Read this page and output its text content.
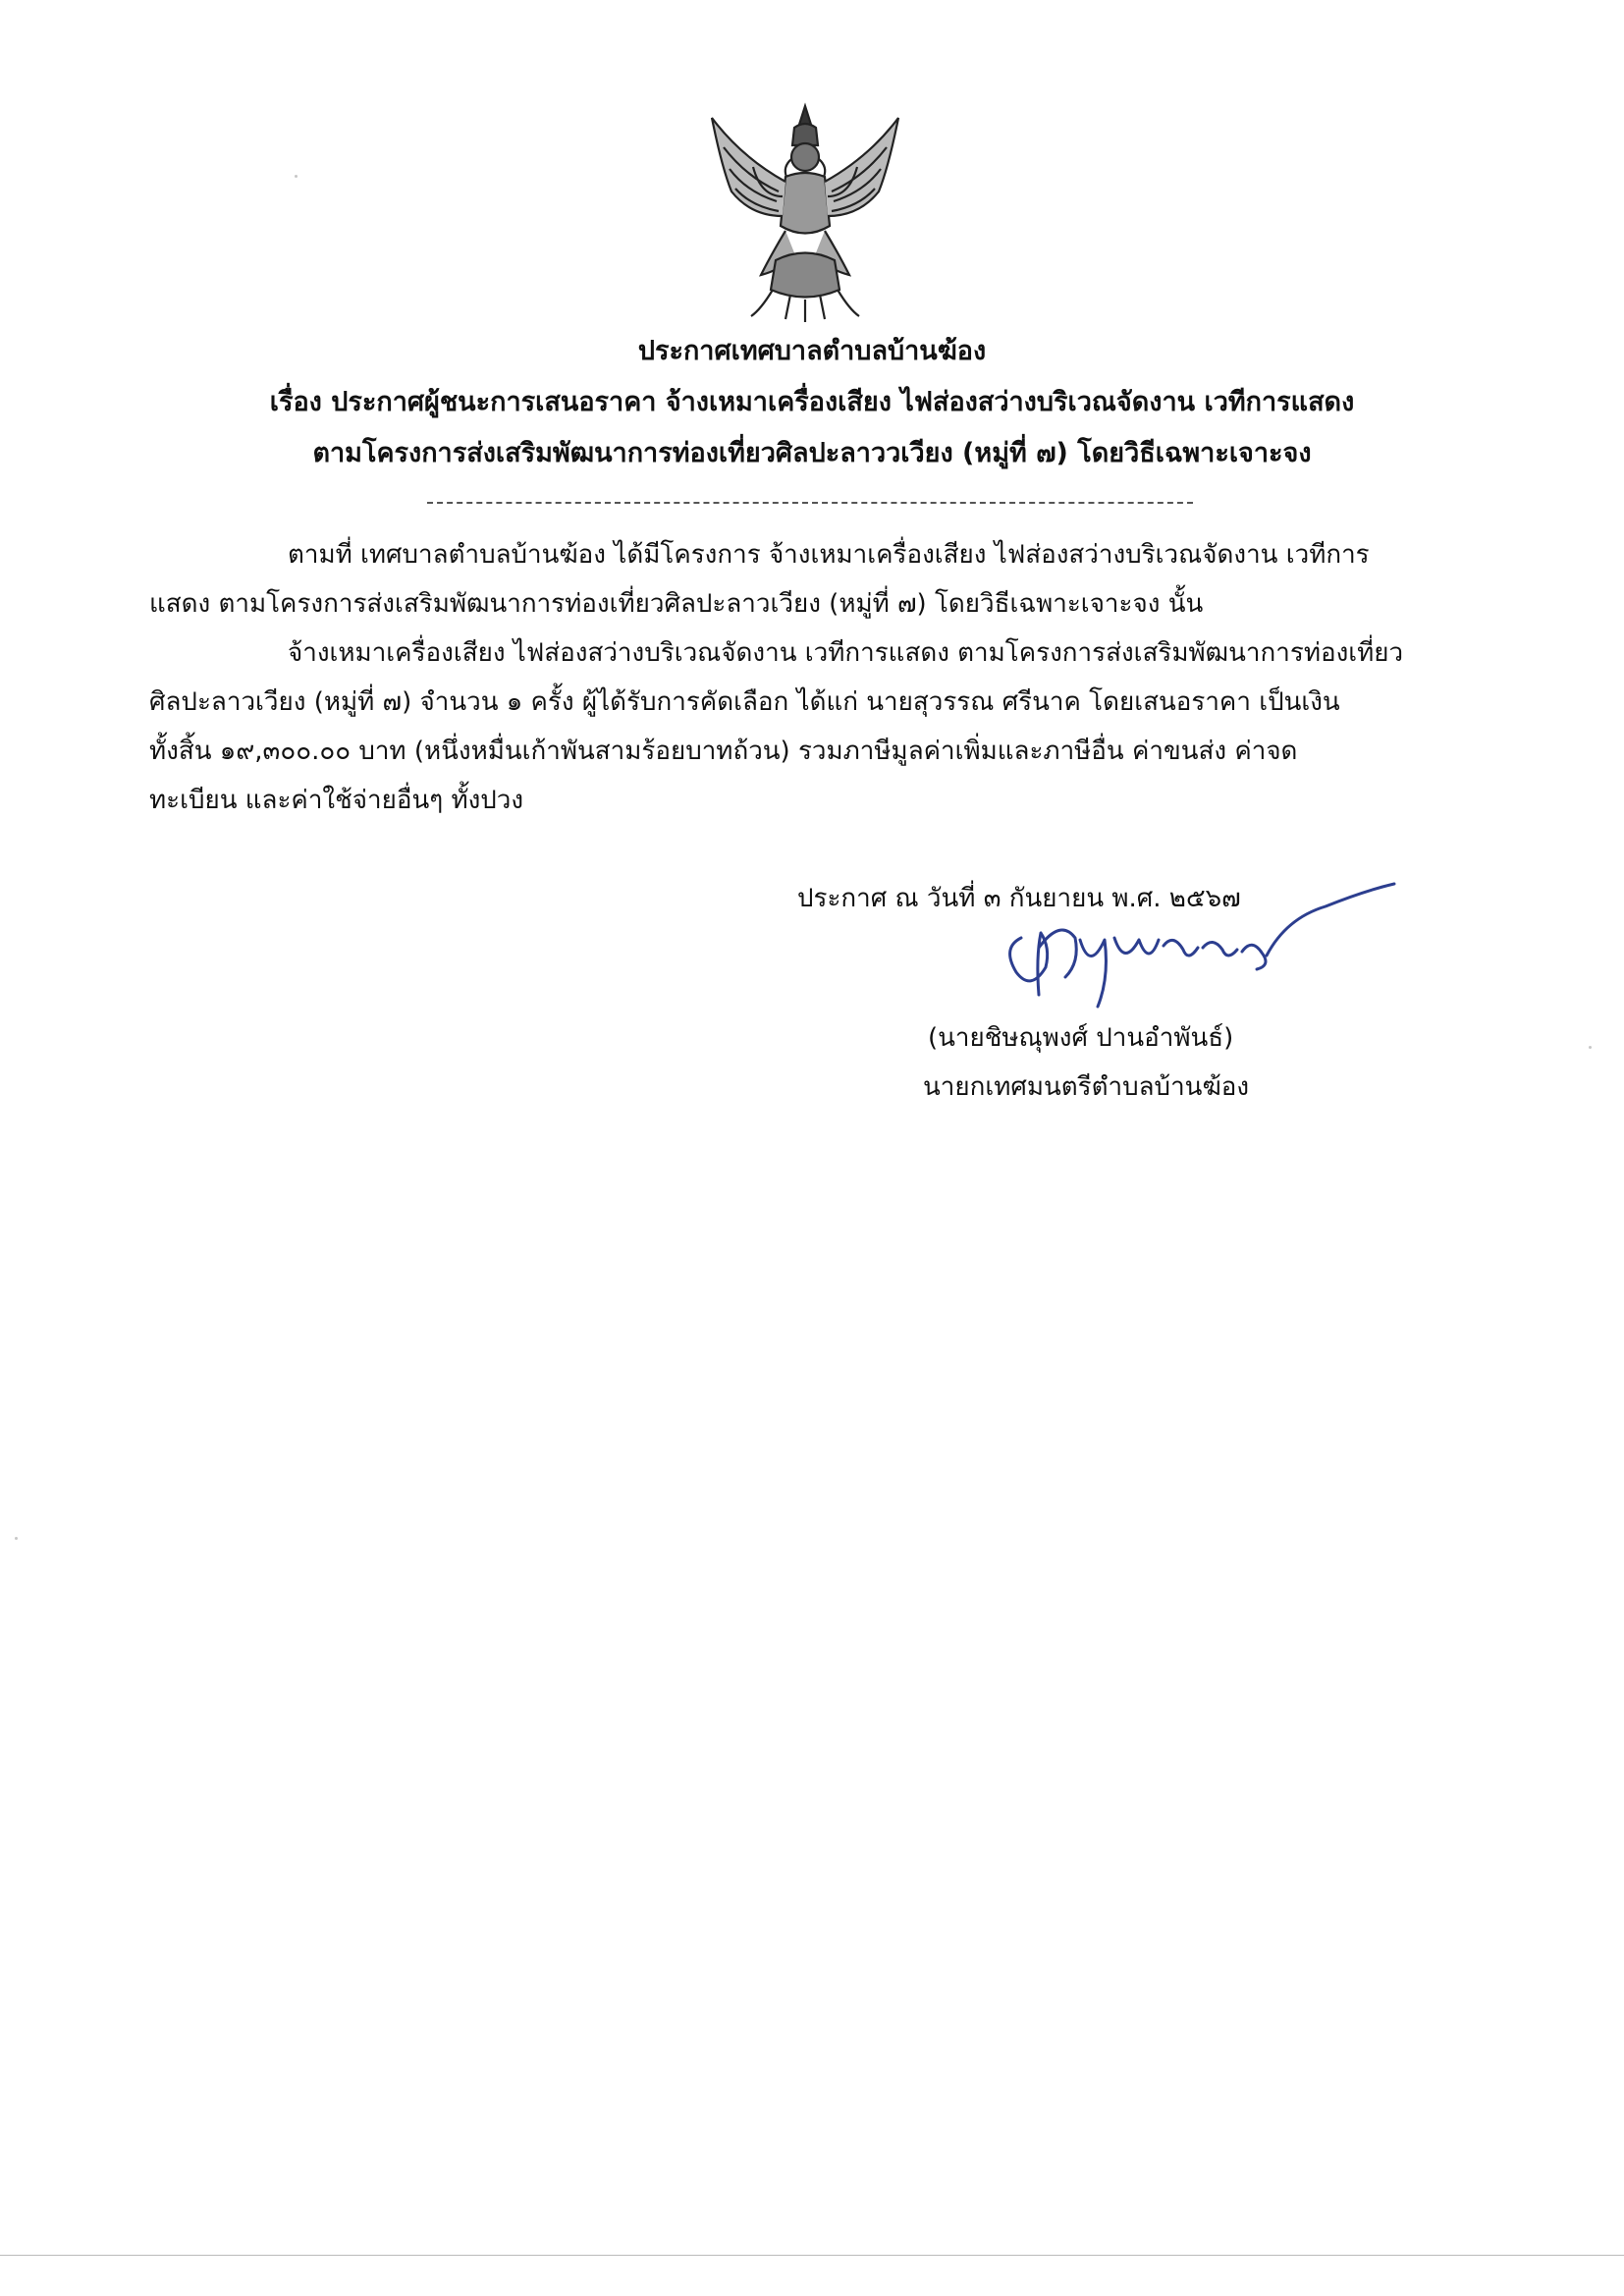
ประกาศเทศบาลตำบลบ้านฆ้อง
เรื่อง ประกาศผู้ชนะการเสนอราคา จ้างเหมาเครื่องเสียง ไฟส่องสว่างบริเวณจัดงาน เวทีการแสดง
ตามโครงการส่งเสริมพัฒนาการท่องเที่ยวศิลปะลาววเวียง (หมู่ที่ ๗) โดยวิธีเฉพาะเจาะจง
ตามที่ เทศบาลตำบลบ้านฆ้อง ได้มีโครงการ จ้างเหมาเครื่องเสียง ไฟส่องสว่างบริเวณจัดงาน เวทีการ
แสดง ตามโครงการส่งเสริมพัฒนาการท่องเที่ยวศิลปะลาวเวียง (หมู่ที่ ๗) โดยวิธีเฉพาะเจาะจง นั้น
จ้างเหมาเครื่องเสียง ไฟส่องสว่างบริเวณจัดงาน เวทีการแสดง ตามโครงการส่งเสริมพัฒนาการท่องเที่ยว
ศิลปะลาวเวียง (หมู่ที่ ๗) จำนวน ๑ ครั้ง ผู้ได้รับการคัดเลือก ได้แก่ นายสุวรรณ ศรีนาค โดยเสนอราคา เป็นเงิน
ทั้งสิ้น ๑๙,๓๐๐.๐๐ บาท (หนึ่งหมื่นเก้าพันสามร้อยบาทถ้วน) รวมภาษีมูลค่าเพิ่มและภาษีอื่น ค่าขนส่ง ค่าจด
ทะเบียน และค่าใช้จ่ายอื่นๆ ทั้งปวง
ประกาศ ณ วันที่ ๓ กันยายน พ.ศ. ๒๕๖๗
(นายชิษณุพงศ์ ปานอำพันธ์)
นายกเทศมนตรีตำบลบ้านฆ้อง
